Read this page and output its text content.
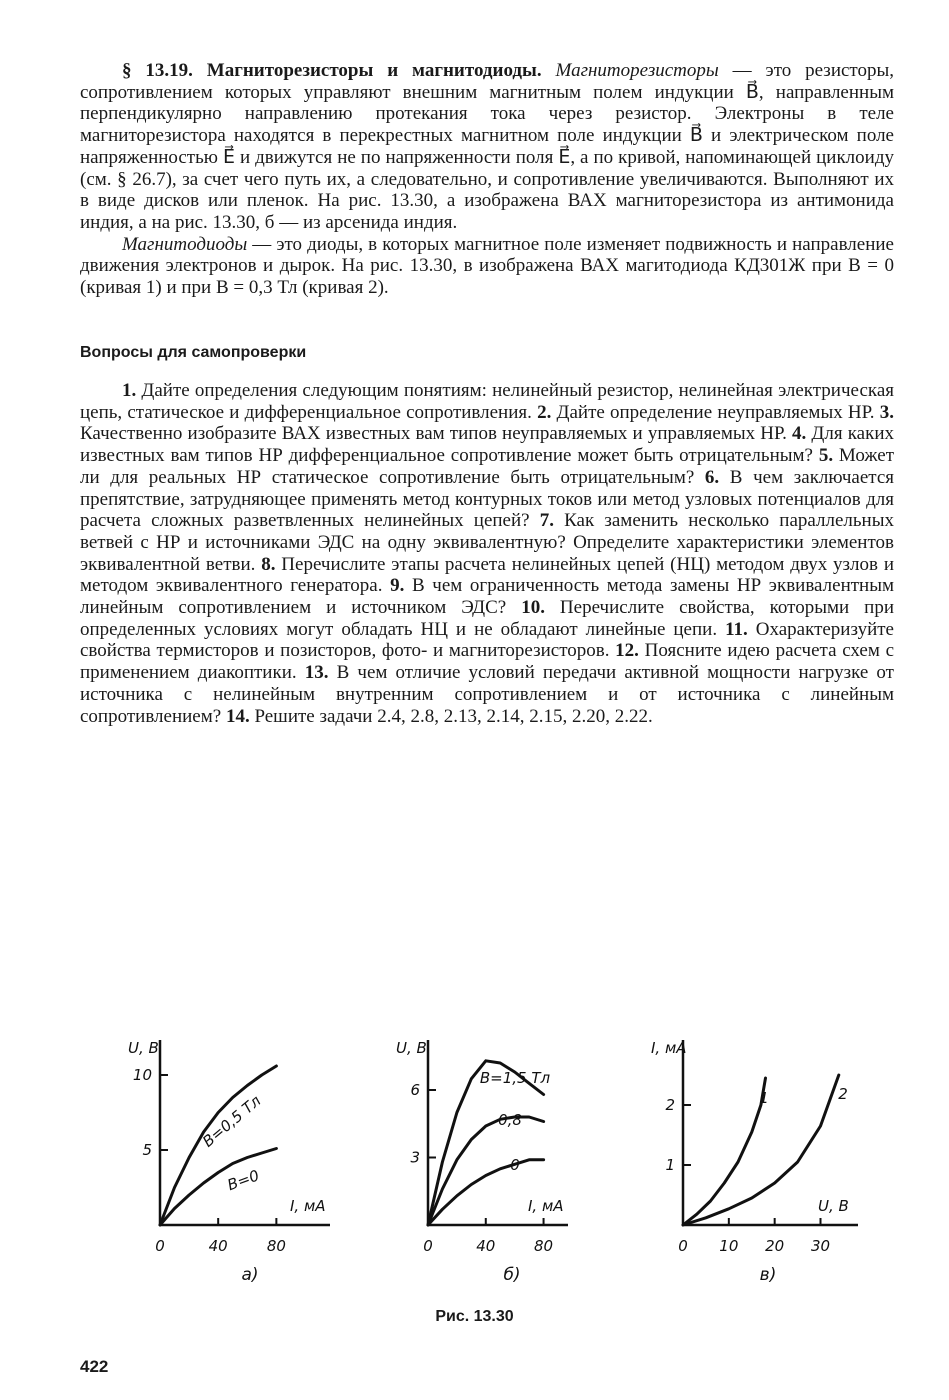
§ 13.19. Магниторезисторы и магнитодиоды. Магниторезисторы — это резисторы, сопротивлением которых управляют внешним магнитным полем индукции B⃗, направленным перпендикулярно направлению протекания тока через резистор. Электроны в теле магниторезистора находятся в перекрестных магнитном поле индукции B⃗ и электрическом поле напряженностью E⃗ и движутся не по напряженности поля E⃗, а по кривой, напоминающей циклоиду (см. § 26.7), за счет чего путь их, а следовательно, и сопротивление увеличиваются. Выполняют их в виде дисков или пленок. На рис. 13.30, а изображена ВАХ магниторезистора из антимонида индия, а на рис. 13.30, б — из арсенида индия.

Магнитодиоды — это диоды, в которых магнитное поле изменяет подвижность и направление движения электронов и дырок. На рис. 13.30, в изображена ВАХ магитодиода КД301Ж при B = 0 (кривая 1) и при B = 0,3 Тл (кривая 2).

Вопросы для самопроверки

1. Дайте определения следующим понятиям: нелинейный резистор, нелинейная электрическая цепь, статическое и дифференциальное сопротивления. 2. Дайте определение неуправляемых НР. 3. Качественно изобразите ВАХ известных вам типов неуправляемых и управляемых НР. 4. Для каких известных вам типов НР дифференциальное сопротивление может быть отрицательным? 5. Может ли для реальных НР статическое сопротивление быть отрицательным? 6. В чем заключается препятствие, затрудняющее применять метод контурных токов или метод узловых потенциалов для расчета сложных разветвленных нелинейных цепей? 7. Как заменить несколько параллельных ветвей с НР и источниками ЭДС на одну эквивалентную? Определите характеристики элементов эквивалентной ветви. 8. Перечислите этапы расчета нелинейных цепей (НЦ) методом двух узлов и методом эквивалентного генератора. 9. В чем ограниченность метода замены НР эквивалентным линейным сопротивлением и источником ЭДС? 10. Перечислите свойства, которыми при определенных условиях могут обладать НЦ и не обладают линейные цепи. 11. Охарактеризуйте свойства термисторов и позисторов, фото- и магниторезисторов. 12. Поясните идею расчета схем с применением диакоптики. 13. В чем отличие условий передачи активной мощности нагрузке от источника с нелинейным внутренним сопротивлением и от источника с линейным сопротивлением? 14. Решите задачи 2.4, 2.8, 2.13, 2.14, 2.15, 2.20, 2.22.

U, В
I, мА
5
10
0	40	80
B=0,5 Тл
B=0
а)
U, В
I, мА
3
6
0	40	80
B=1,5 Тл
0,8
0
б)
I, мА
U, В
1
2
0 10 20 30
1	2
в)
Рис. 13.30
422
